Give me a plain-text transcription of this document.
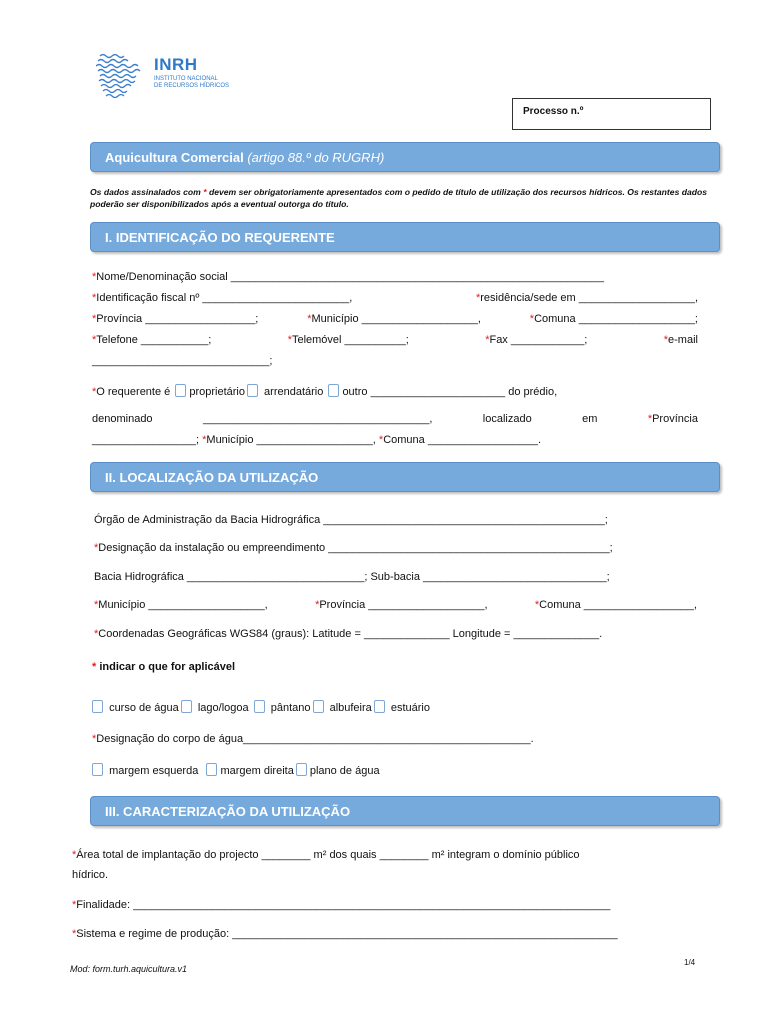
INRH
INSTITUTO NACIONAL
DE RECURSOS HÍDRICOS
Processo n.º
Aquicultura Comercial (artigo 88.º do RUGRH)
Os dados assinalados com * devem ser obrigatoriamente apresentados com o pedido de título de utilização dos recursos hídricos. Os restantes dados poderão ser disponibilizados após a eventual outorga do título.
I. IDENTIFICAÇÃO DO REQUERENTE
*Nome/Denominação social _____________________________________________________________
*Identificação fiscal nº ________________________,	*residência/sede em ___________________,
*Província __________________;	*Município ___________________,	*Comuna ___________________;
*Telefone ___________;	*Telemóvel __________;	*Fax ____________;	*e-mail
_____________________________;
*O requerente é proprietário arrendatário outro ______________________ do prédio,
denominado	_____________________________________,	localizado	em	*Província
_________________; *Município ___________________, *Comuna __________________.
II. LOCALIZAÇÃO DA UTILIZAÇÃO
Órgão de Administração da Bacia Hidrográfica ______________________________________________;
*Designação da instalação ou empreendimento ______________________________________________;
Bacia Hidrográfica _____________________________; Sub-bacia ______________________________;
*Município ___________________,	*Província ___________________,	*Comuna __________________,
*Coordenadas Geográficas WGS84 (graus): Latitude = ______________ Longitude = ______________.
* indicar o que for aplicável
curso de água lago/logoa pântano albufeira estuário
*Designação do corpo de água_______________________________________________.
margem esquerda margem direita plano de água
III. CARACTERIZAÇÃO DA UTILIZAÇÃO
*Área total de implantação do projecto ________ m² dos quais ________ m² integram o domínio público
hídrico.
*Finalidade: ______________________________________________________________________________
*Sistema e regime de produção: _______________________________________________________________
Mod: form.turh.aquicultura.v1
1/4
